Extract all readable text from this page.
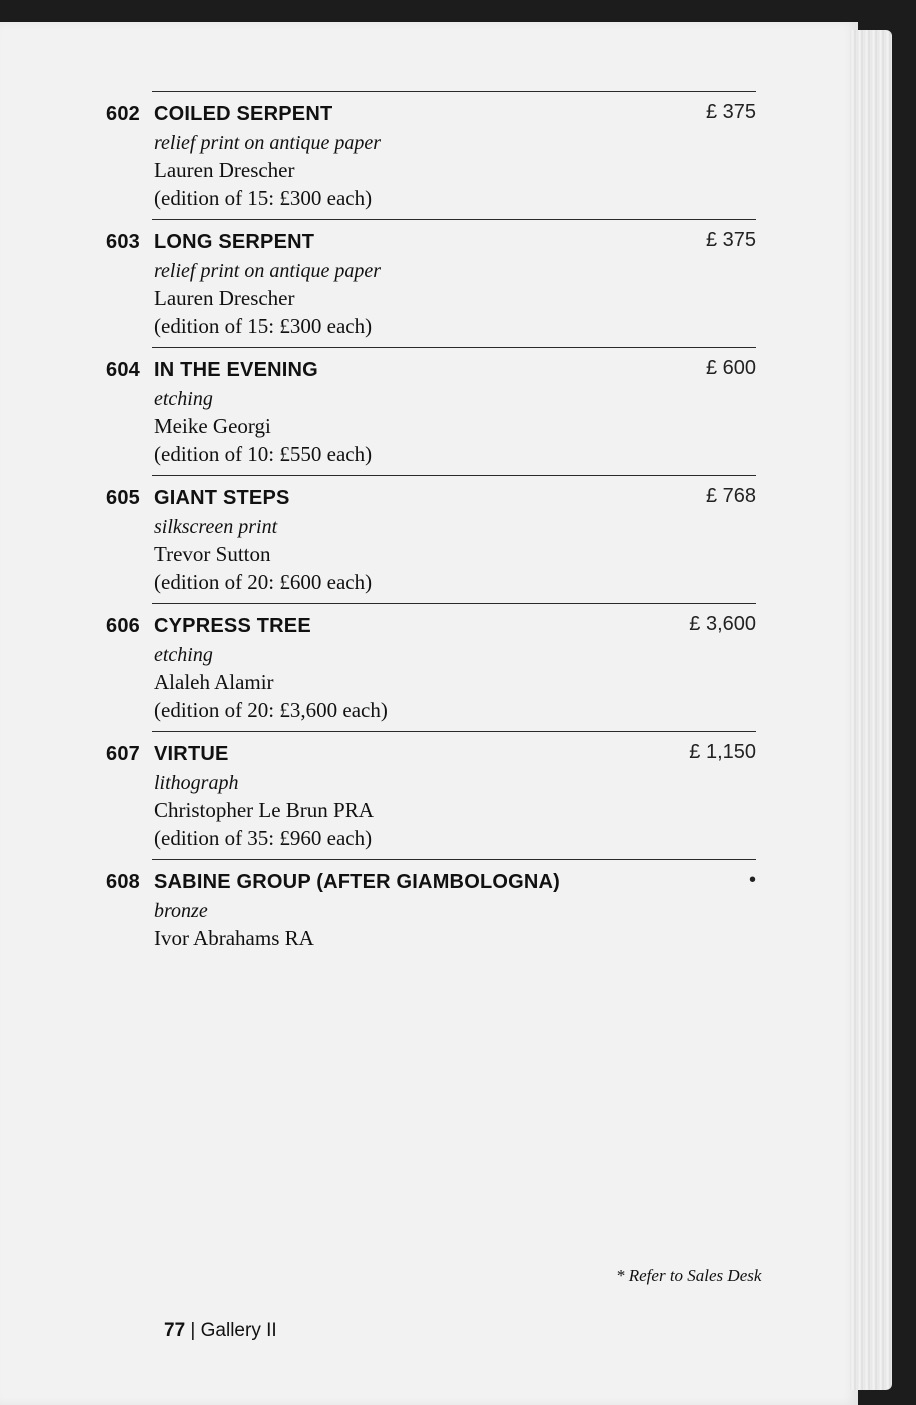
602 COILED SERPENT	£ 375
relief print on antique paper
Lauren Drescher
(edition of 15: £300 each)
603 LONG SERPENT	£ 375
relief print on antique paper
Lauren Drescher
(edition of 15: £300 each)
604 IN THE EVENING	£ 600
etching
Meike Georgi
(edition of 10: £550 each)
605 GIANT STEPS	£ 768
silkscreen print
Trevor Sutton
(edition of 20: £600 each)
606 CYPRESS TREE	£ 3,600
etching
Alaleh Alamir
(edition of 20: £3,600 each)
607 VIRTUE	£ 1,150
lithograph
Christopher Le Brun PRA
(edition of 35: £960 each)
608 SABINE GROUP (AFTER GIAMBOLOGNA)	•
bronze
Ivor Abrahams RA
* Refer to Sales Desk
77 | Gallery II
